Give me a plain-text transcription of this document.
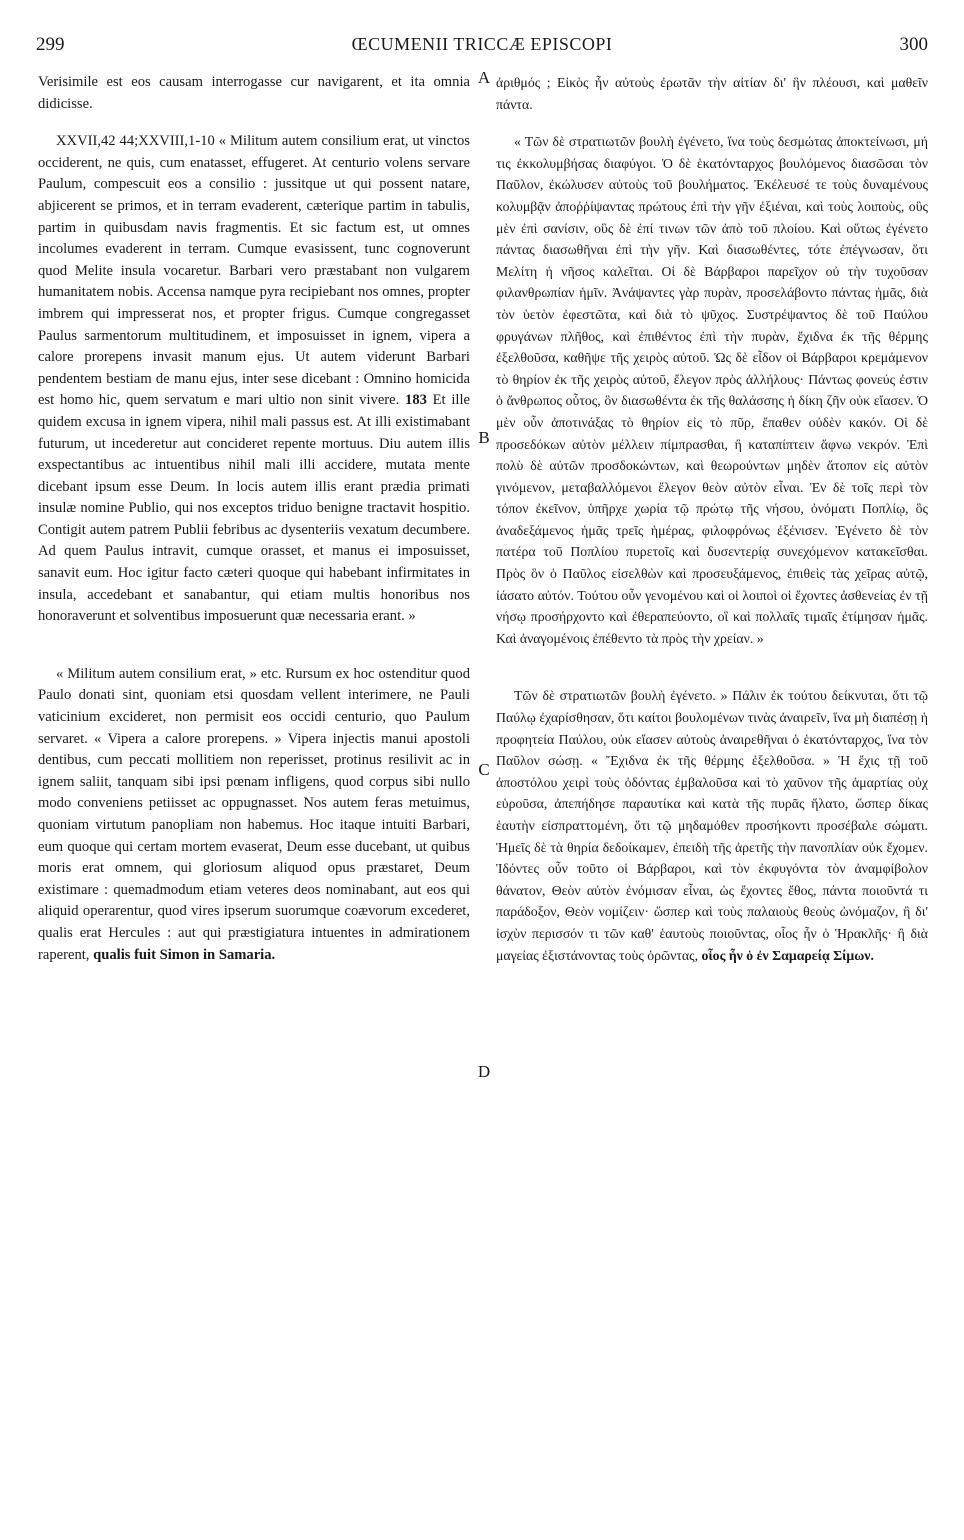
299	ŒCUMENII TRICCÆ EPISCOPI	300

Verisimile est eos causam interrogasse cur navigarent, et ita omnia didicisse.

XXVII,42 44;XXVIII,1-10 « Militum autem consilium erat, ut vinctos occiderent, ne quis, cum enatasset, effugeret. At centurio volens servare Paulum, compescuit eos a consilio : jussitque ut qui possent natare, abjicerent se primos, et in terram evaderent, cæterique partim in tabulis, partim in quibusdam navis fragmentis. Et sic factum est, ut omnes incolumes evaderent in terram. Cumque evasissent, tunc cognoverunt quod Melite insula vocaretur. Barbari vero præstabant non vulgarem humanitatem nobis. Accensa namque pyra recipiebant nos omnes, propter imbrem qui impresserat nos, et propter frigus. Cumque congregasset Paulus sarmentorum multitudinem, et imposuisset in ignem, vipera a calore prorepens invasit manum ejus. Ut autem viderunt Barbari pendentem bestiam de manu ejus, inter sese dicebant : Omnino homicida est homo hic, quem servatum e mari ultio non sinit vivere. 183 Et ille quidem excusa in ignem vipera, nihil mali passus est. At illi existimabant futurum, ut incederetur aut concideret repente mortuus. Diu autem illis exspectantibus ac intuentibus nihil mali illi accidere, mutata mente dicebant ipsum esse Deum. In locis autem illis erant prædia primati insulæ nomine Publio, qui nos exceptos triduo benigne tractavit hospitio. Contigit autem patrem Publii febribus ac dysenteriis vexatum decumbere. Ad quem Paulus intravit, cumque orasset, et manus ei imposuisset, sanavit eum. Hoc igitur facto cæteri quoque qui habebant infirmitates in insula, accedebant et sanabantur, qui etiam multis honoribus nos honoraverunt et solventibus imposuerunt quæ necessaria erant. »

« Militum autem consilium erat, » etc. Rursum ex hoc ostenditur quod Paulo donati sint, quoniam etsi quosdam vellent interimere, ne Pauli vaticinium excideret, non permisit eos occidi centurio, quo Paulum servaret. « Vipera a calore prorepens. » Vipera injectis manui apostoli dentibus, cum peccati mollitiem non reperisset, protinus resilivit ac in ignem saliit, tanquam sibi ipsi pœnam infligens, quod corpus sibi nullo modo conveniens petiisset ac oppugnasset. Nos autem feras metuimus, quoniam virtutum panopliam non habemus. Hoc itaque intuiti Barbari, eum quoque qui certam mortem evaserat, Deum esse ducebant, ut quibus moris erat omnem, qui gloriosum aliquod opus præstaret, Deum existimare : quemadmodum etiam veteres deos nominabant, aut eos qui aliquid operarentur, quod vires ipserum suorumque coævorum excederet, qualis erat Hercules : aut qui præstigiatura intuentes in admirationem raperent, qualis fuit Simon in Samaria.

A
B
C
D

ἀριθμός ; Εἰκὸς ἦν αὐτοὺς ἐρωτᾶν τὴν αἰτίαν δι' ἣν πλέουσι, καὶ μαθεῖν πάντα.

« Τῶν δὲ στρατιωτῶν βουλὴ ἐγένετο, ἵνα τοὺς δεσμώτας ἀποκτείνωσι, μή τις ἐκκολυμβήσας διαφύγοι. Ὁ δὲ ἑκατόνταρχος βουλόμενος διασῶσαι τὸν Παῦλον, ἐκώλυσεν αὐτοὺς τοῦ βουλήματος. Ἐκέλευσέ τε τοὺς δυναμένους κολυμβᾷν ἀποῤῥίψαντας πρώτους ἐπὶ τὴν γῆν ἐξιέναι, καὶ τοὺς λοιποὺς, οὓς μὲν ἐπὶ σανίσιν, οὓς δὲ ἐπί τινων τῶν ἀπὸ τοῦ πλοίου. Καὶ οὕτως ἐγένετο πάντας διασωθῆναι ἐπὶ τὴν γῆν. Καὶ διασωθέντες, τότε ἐπέγνωσαν, ὅτι Μελίτη ἡ νῆσος καλεῖται. Οἱ δὲ Βάρβαροι παρεῖχον οὐ τὴν τυχοῦσαν φιλανθρωπίαν ἡμῖν. Ἀνάψαντες γὰρ πυρὰν, προσελάβοντο πάντας ἡμᾶς, διὰ τὸν ὑετὸν ἐφεστῶτα, καὶ διὰ τὸ ψῦχος. Συστρέψαντος δὲ τοῦ Παύλου φρυγάνων πλῆθος, καὶ ἐπιθέντος ἐπὶ τὴν πυρὰν, ἔχιδνα ἐκ τῆς θέρμης ἐξελθοῦσα, καθῆψε τῆς χειρὸς αὐτοῦ. Ὡς δὲ εἶδον οἱ Βάρβαροι κρεμάμενον τὸ θηρίον ἐκ τῆς χειρὸς αὐτοῦ, ἔλεγον πρὸς ἀλλήλους· Πάντως φονεύς ἐστιν ὁ ἄνθρωπος οὗτος, ὃν διασωθέντα ἐκ τῆς θαλάσσης ἡ δίκη ζῆν οὐκ εἴασεν. Ὁ μὲν οὖν ἀποτινάξας τὸ θηρίον εἰς τὸ πῦρ, ἔπαθεν οὐδὲν κακόν. Οἱ δὲ προσεδόκων αὐτὸν μέλλειν πίμπρασθαι, ἢ καταπίπτειν ἄφνω νεκρόν. Ἐπὶ πολὺ δὲ αὐτῶν προσδοκώντων, καὶ θεωρούντων μηδὲν ἄτοπον εἰς αὐτὸν γινόμενον, μεταβαλλόμενοι ἔλεγον θεὸν αὐτὸν εἶναι. Ἐν δὲ τοῖς περὶ τὸν τόπον ἐκεῖνον, ὑπῆρχε χωρία τῷ πρώτῳ τῆς νήσου, ὀνόματι Ποπλίῳ, ὃς ἀναδεξάμενος ἡμᾶς τρεῖς ἡμέρας, φιλοφρόνως ἐξένισεν. Ἐγένετο δὲ τὸν πατέρα τοῦ Ποπλίου πυρετοῖς καὶ δυσεντερίᾳ συνεχόμενον κατακεῖσθαι. Πρὸς ὃν ὁ Παῦλος εἰσελθὼν καὶ προσευξάμενος, ἐπιθεὶς τὰς χεῖρας αὐτῷ, ἰάσατο αὐτόν. Τούτου οὖν γενομένου καὶ οἱ λοιποὶ οἱ ἔχοντες ἀσθενείας ἐν τῇ νήσῳ προσήρχοντο καὶ ἐθεραπεύοντο, οἳ καὶ πολλαῖς τιμαῖς ἐτίμησαν ἡμᾶς. Καὶ ἀναγομένοις ἐπέθεντο τὰ πρὸς τὴν χρείαν. »

Τῶν δὲ στρατιωτῶν βουλὴ ἐγένετο. » Πάλιν ἐκ τούτου δείκνυται, ὅτι τῷ Παύλῳ ἐχαρίσθησαν, ὅτι καίτοι βουλομένων τινὰς ἀναιρεῖν, ἵνα μὴ διαπέσῃ ἡ προφητεία Παύλου, οὐκ εἴασεν αὐτοὺς ἀναιρεθῆναι ὁ ἑκατόνταρχος, ἵνα τὸν Παῦλον σώσῃ. « Ἔχιδνα ἐκ τῆς θέρμης ἐξελθοῦσα. » Ἡ ἔχις τῇ τοῦ ἀποστόλου χειρὶ τοὺς ὀδόντας ἐμβαλοῦσα καὶ τὸ χαῦνον τῆς ἁμαρτίας οὐχ εὑροῦσα, ἀπεπήδησε παραυτίκα καὶ κατὰ τῆς πυρᾶς ἥλατο, ὥσπερ δίκας ἑαυτὴν εἰσπραττομένη, ὅτι τῷ μηδαμόθεν προσήκοντι προσέβαλε σώματι. Ἡμεῖς δὲ τὰ θηρία δεδοίκαμεν, ἐπειδὴ τῆς ἀρετῆς τὴν πανοπλίαν οὐκ ἔχομεν. Ἰδόντες οὖν τοῦτο οἱ Βάρβαροι, καὶ τὸν ἐκφυγόντα τὸν ἀναμφίβολον θάνατον, Θεὸν αὐτὸν ἐνόμισαν εἶναι, ὡς ἔχοντες ἔθος, πάντα ποιοῦντά τι παράδοξον, Θεὸν νομίζειν· ὥσπερ καὶ τοὺς παλαιοὺς θεοὺς ὠνόμαζον, ἢ δι' ἰσχὺν περισσόν τι τῶν καθ' ἑαυτοὺς ποιοῦντας, οἷος ἦν ὁ Ἡρακλῆς· ἢ διὰ μαγείας ἐξιστάνοντας τοὺς ὁρῶντας, οἷος ἦν ὁ ἐν Σαμαρείᾳ Σίμων.
